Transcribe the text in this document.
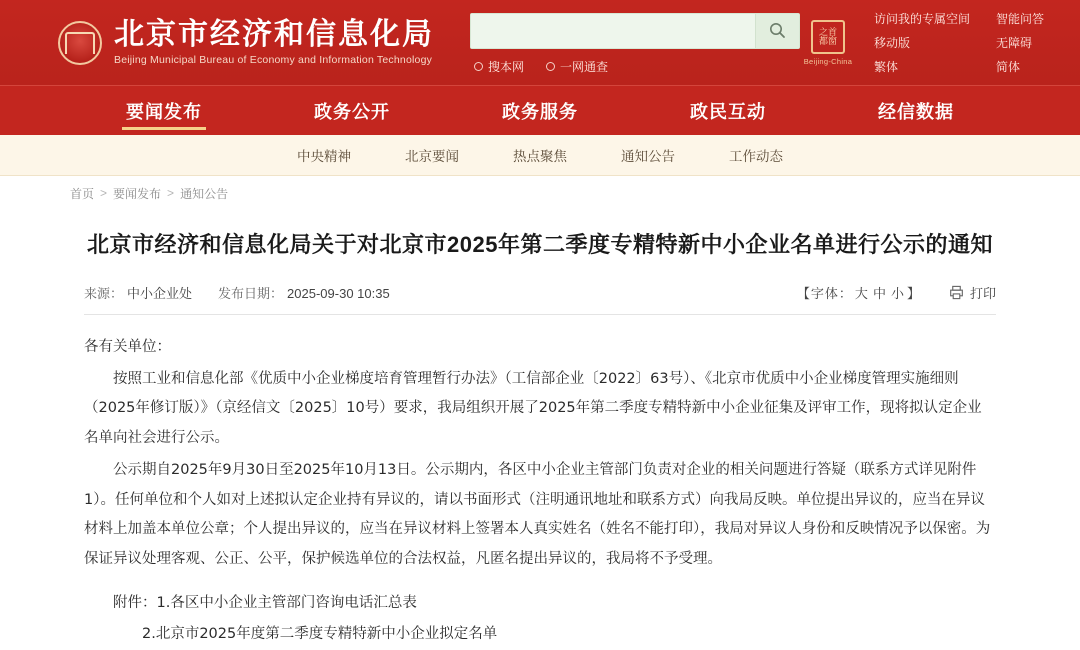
北京市经济和信息化局
Beijing Municipal Bureau of Economy and Information Technology	搜本网	一网通查
之首
都窗
Beijing-China
访问我的专属空间
移动版
繁体
智能问答
无障碍
简体
要闻发布	政务公开	政务服务	政民互动	经信数据
中央精神	北京要闻	热点聚焦	通知公告	工作动态
首页 > 要闻发布 > 通知公告
北京市经济和信息化局关于对北京市2025年第二季度专精特新中小企业名单进行公示的通知
来源： 中小企业处 发布日期： 2025-09-30 10:35	【字体： 大 中 小 】	打印

各有关单位：

按照工业和信息化部《优质中小企业梯度培育管理暂行办法》（工信部企业〔2022〕63号）、《北京市优质中小企业梯度管理实施细则（2025年修订版）》（京经信文〔2025〕10号）要求，我局组织开展了2025年第二季度专精特新中小企业征集及评审工作，现将拟认定企业名单向社会进行公示。

公示期自2025年9月30日至2025年10月13日。公示期内，各区中小企业主管部门负责对企业的相关问题进行答疑（联系方式详见附件1）。任何单位和个人如对上述拟认定企业持有异议的，请以书面形式（注明通讯地址和联系方式）向我局反映。单位提出异议的，应当在异议材料上加盖本单位公章；个人提出异议的，应当在异议材料上签署本人真实姓名（姓名不能打印），我局对异议人身份和反映情况予以保密。为保证异议处理客观、公正、公平，保护候选单位的合法权益，凡匿名提出异议的，我局将不予受理。

附件：1.各区中小企业主管部门咨询电话汇总表

2.北京市2025年度第二季度专精特新中小企业拟定名单
